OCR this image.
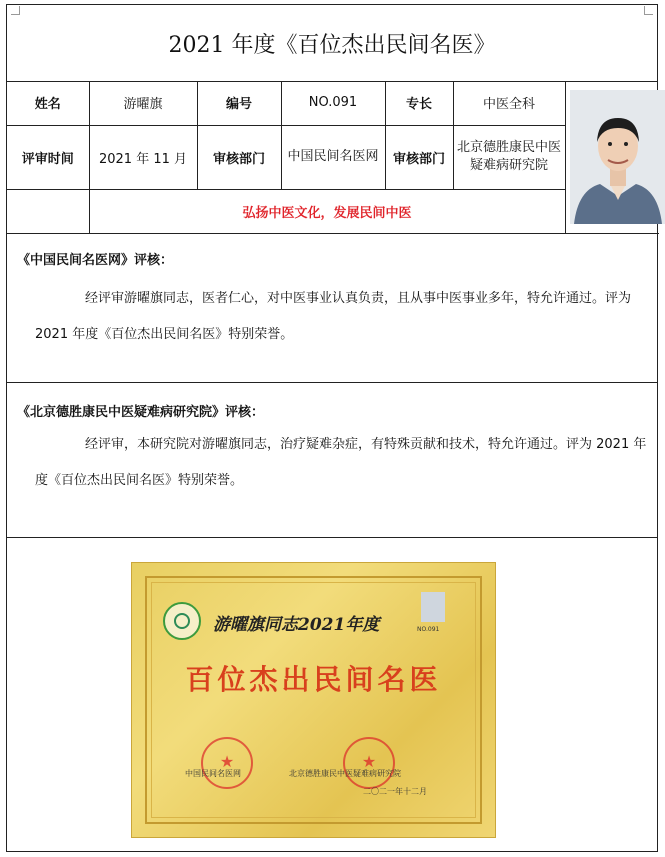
2021 年度《百位杰出民间名医》
姓名	游曜旗	编号	NO.091	专长	中医全科	

评审时间	2021 年 11 月	审核部门	中国民间名医网	审核部门	北京德胜康民中医疑难病研究院	
	弘扬中医文化，发展民间中医					
《中国民间名医网》评核：

经评审游曜旗同志，医者仁心，对中医事业认真负责，且从事中医事业多年，特允许通过。评为 2021 年度《百位杰出民间名医》特别荣誉。

《北京德胜康民中医疑难病研究院》评核：

经评审，本研究院对游曜旗同志，治疗疑难杂症，有特殊贡献和技术，特允许通过。评为 2021 年度《百位杰出民间名医》特别荣誉。

游曜旗同志2021年度	NO.091
百位杰出民间名医
★
★
中国民间名医网	北京德胜康民中医疑难病研究院
二〇二一年十二月
